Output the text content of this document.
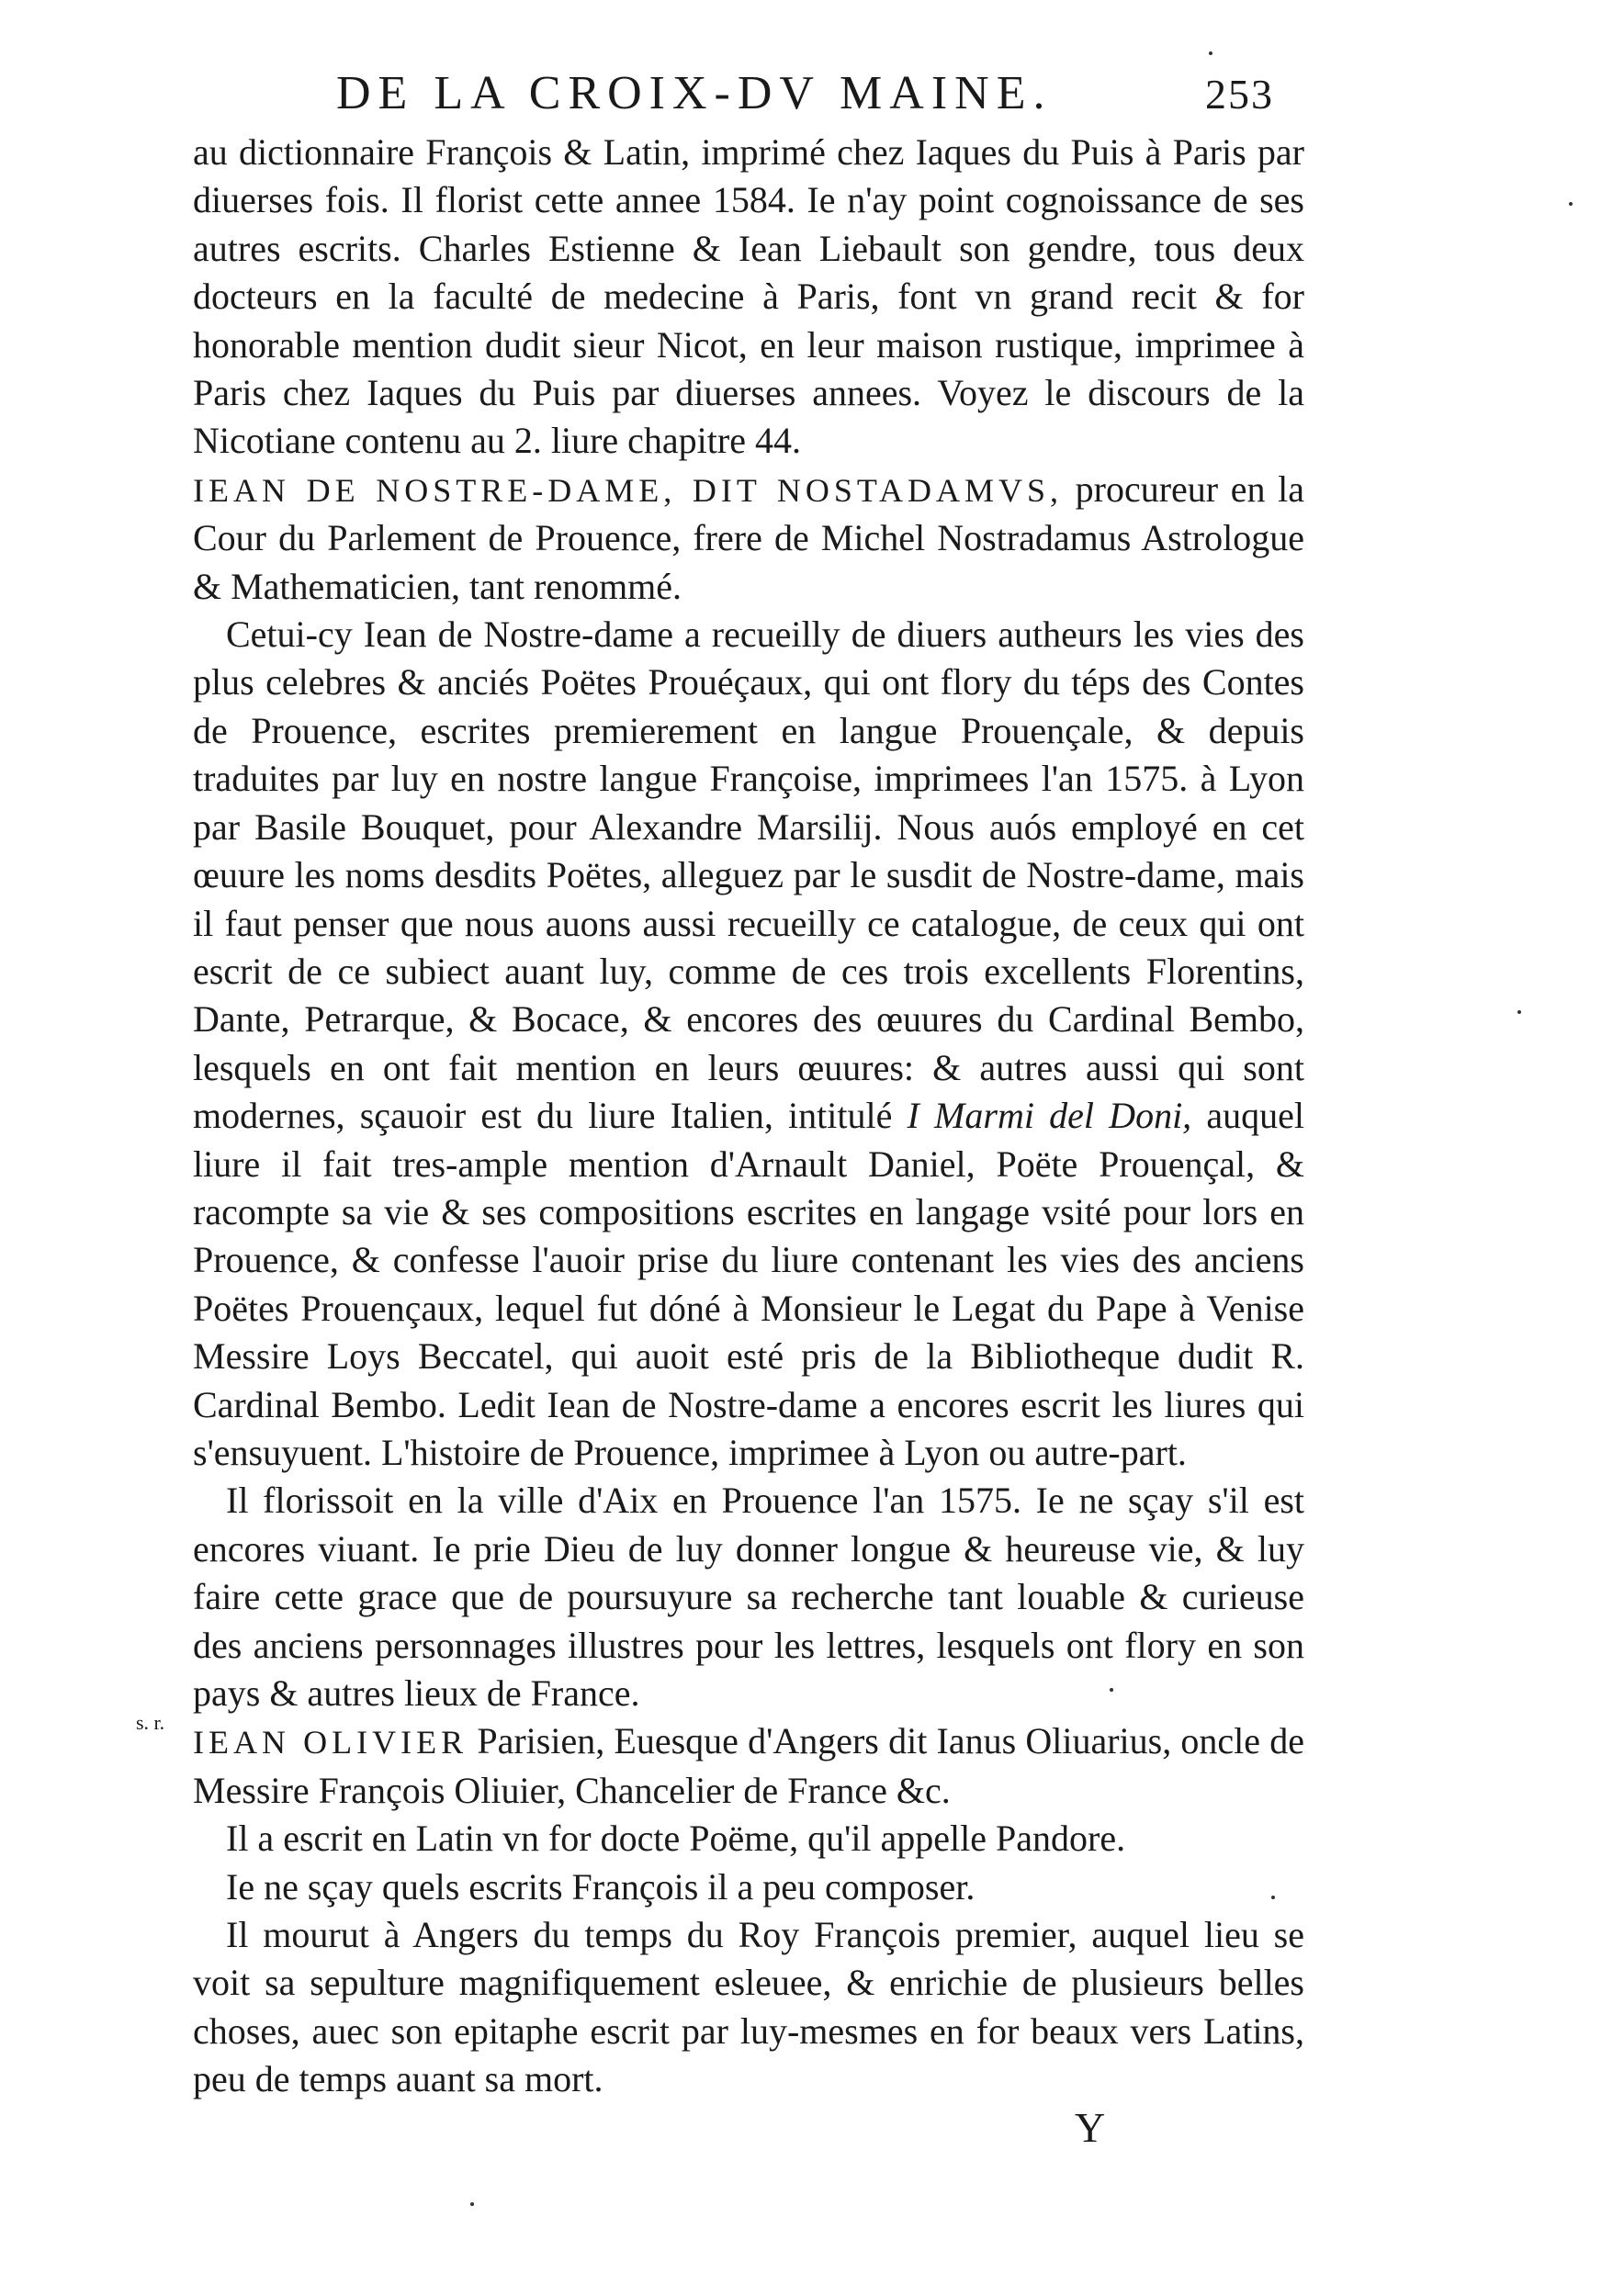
DE LA CROIX-DV MAINE.	253

au dictionnaire François & Latin, imprimé chez Iaques du Puis à Paris par diuerses fois. Il florist cette annee 1584. Ie n'ay point cognoissance de ses autres escrits. Charles Estienne & Iean Liebault son gendre, tous deux docteurs en la faculté de medecine à Paris, font vn grand recit & for honorable mention dudit sieur Nicot, en leur maison rustique, imprimee à Paris chez Iaques du Puis par diuerses annees. Voyez le discours de la Nicotiane contenu au 2. liure chapitre 44.

IEAN DE NOSTRE-DAME, DIT NOSTADAMVS, procureur en la Cour du Parlement de Prouence, frere de Michel Nostradamus Astrologue & Mathematicien, tant renommé.

Cetui-cy Iean de Nostre-dame a recueilly de diuers autheurs les vies des plus celebres & anciés Poëtes Prouéçaux, qui ont flory du téps des Contes de Prouence, escrites premierement en langue Prouençale, & depuis traduites par luy en nostre langue Françoise, imprimees l'an 1575. à Lyon par Basile Bouquet, pour Alexandre Marsilij. Nous auós employé en cet œuure les noms desdits Poëtes, alleguez par le susdit de Nostre-dame, mais il faut penser que nous auons aussi recueilly ce catalogue, de ceux qui ont escrit de ce subiect auant luy, comme de ces trois excellents Florentins, Dante, Petrarque, & Bocace, & encores des œuures du Cardinal Bembo, lesquels en ont fait mention en leurs œuures: & autres aussi qui sont modernes, sçauoir est du liure Italien, intitulé I Marmi del Doni, auquel liure il fait tres-ample mention d'Arnault Daniel, Poëte Prouençal, & racompte sa vie & ses compositions escrites en langage vsité pour lors en Prouence, & confesse l'auoir prise du liure contenant les vies des anciens Poëtes Prouençaux, lequel fut dóné à Monsieur le Legat du Pape à Venise Messire Loys Beccatel, qui auoit esté pris de la Bibliotheque dudit R. Cardinal Bembo. Ledit Iean de Nostre-dame a encores escrit les liures qui s'ensuyuent. L'histoire de Prouence, imprimee à Lyon ou autre-part.

Il florissoit en la ville d'Aix en Prouence l'an 1575. Ie ne sçay s'il est encores viuant. Ie prie Dieu de luy donner longue & heureuse vie, & luy faire cette grace que de poursuyure sa recherche tant louable & curieuse des anciens personnages illustres pour les lettres, lesquels ont flory en son pays & autres lieux de France.

IEAN OLIVIER Parisien, Euesque d'Angers dit Ianus Oliuarius, oncle de Messire François Oliuier, Chancelier de France &c.

Il a escrit en Latin vn for docte Poëme, qu'il appelle Pandore.

Ie ne sçay quels escrits François il a peu composer.

Il mourut à Angers du temps du Roy François premier, auquel lieu se voit sa sepulture magnifiquement esleuee, & enrichie de plusieurs belles choses, auec son epitaphe escrit par luy-mesmes en for beaux vers Latins, peu de temps auant sa mort.

s. r.
Y
